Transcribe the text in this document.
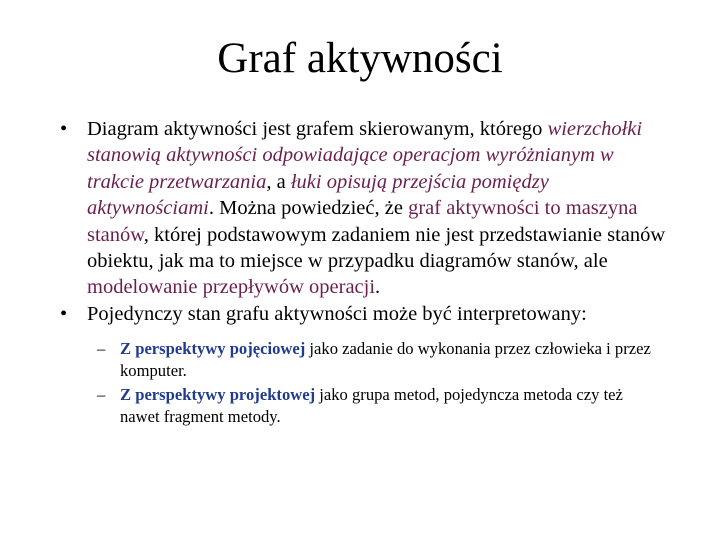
Graf aktywności
• Diagram aktywności jest grafem skierowanym, którego wierzchołki stanowią aktywności odpowiadające operacjom wyróżnianym w trakcie przetwarzania, a łuki opisują przejścia pomiędzy aktywnościami. Można powiedzieć, że graf aktywności to maszyna stanów, której podstawowym zadaniem nie jest przedstawianie stanów obiektu, jak ma to miejsce w przypadku diagramów stanów, ale modelowanie przepływów operacji.
• Pojedynczy stan grafu aktywności może być interpretowany:
– Z perspektywy pojęciowej jako zadanie do wykonania przez człowieka i przez komputer.
– Z perspektywy projektowej jako grupa metod, pojedyncza metoda czy też nawet fragment metody.
